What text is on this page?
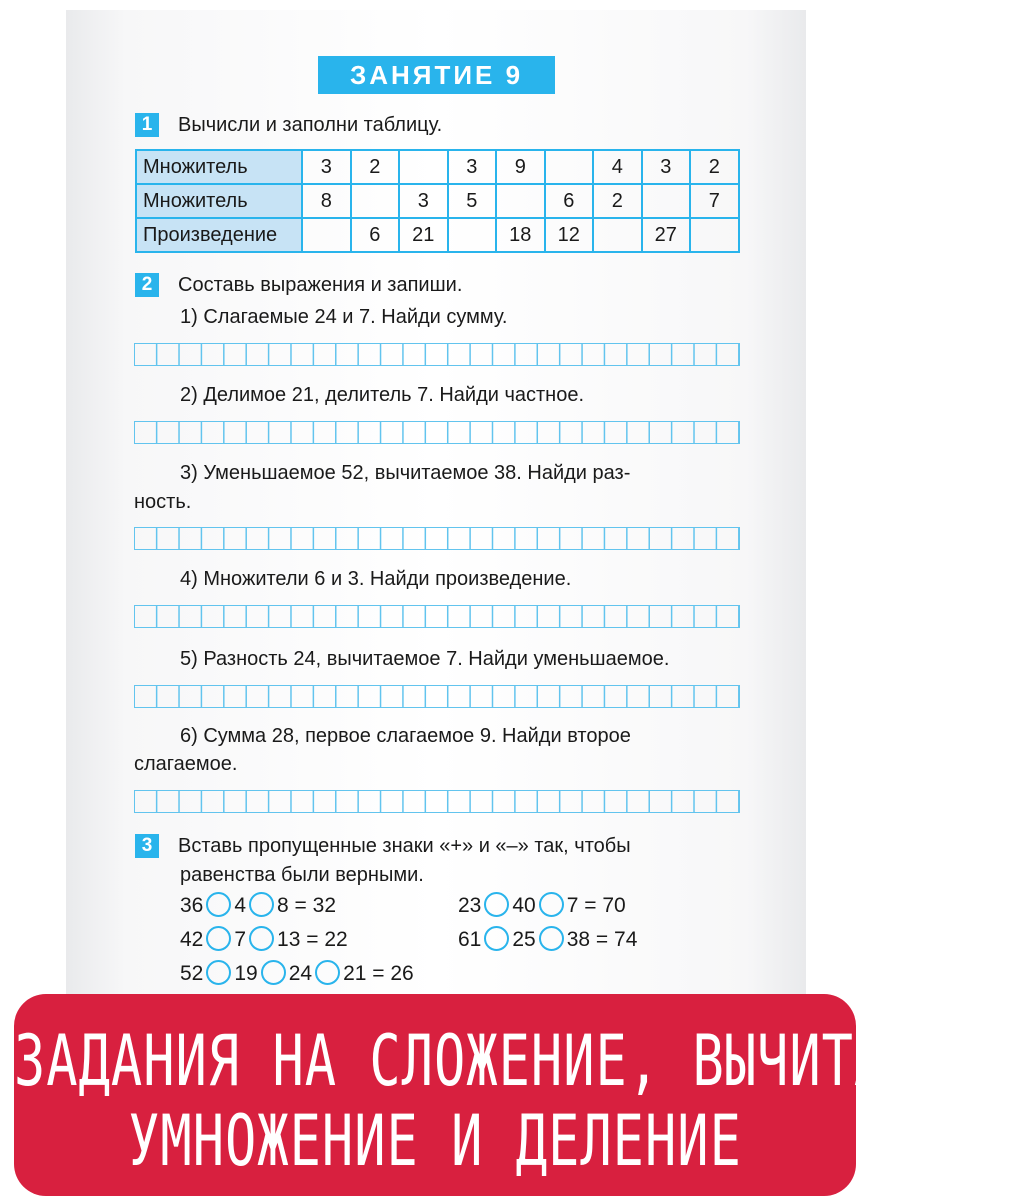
ЗАНЯТИЕ 9
1	Вычисли и заполни таблицу.
Множитель	3	2		3	9		4	3	2
Множитель	8		3	5		6	2		7
Произведение		6	21		18	12		27	
2	Составь выражения и запиши.
1) Слагаемые 24 и 7. Найди сумму.
2) Делимое 21, делитель 7. Найди частное.
3) Уменьшаемое 52, вычитаемое 38. Найди раз-
ность.
4) Множители 6 и 3. Найди произведение.
5) Разность 24, вычитаемое 7. Найди уменьшаемое.
6) Сумма 28, первое слагаемое 9. Найди второе
слагаемое.
3	Вставь пропущенные знаки «+» и «–» так, чтобы
равенства были верными.
36 4 8 = 32	23 40 7 = 70
42 7 13 = 22	61 25 38 = 74
52 19 24 21 = 26
ЗАДАНИЯ НА СЛОЖЕНИЕ, ВЫЧИТАНИЕ,
УМНОЖЕНИЕ И ДЕЛЕНИЕ
